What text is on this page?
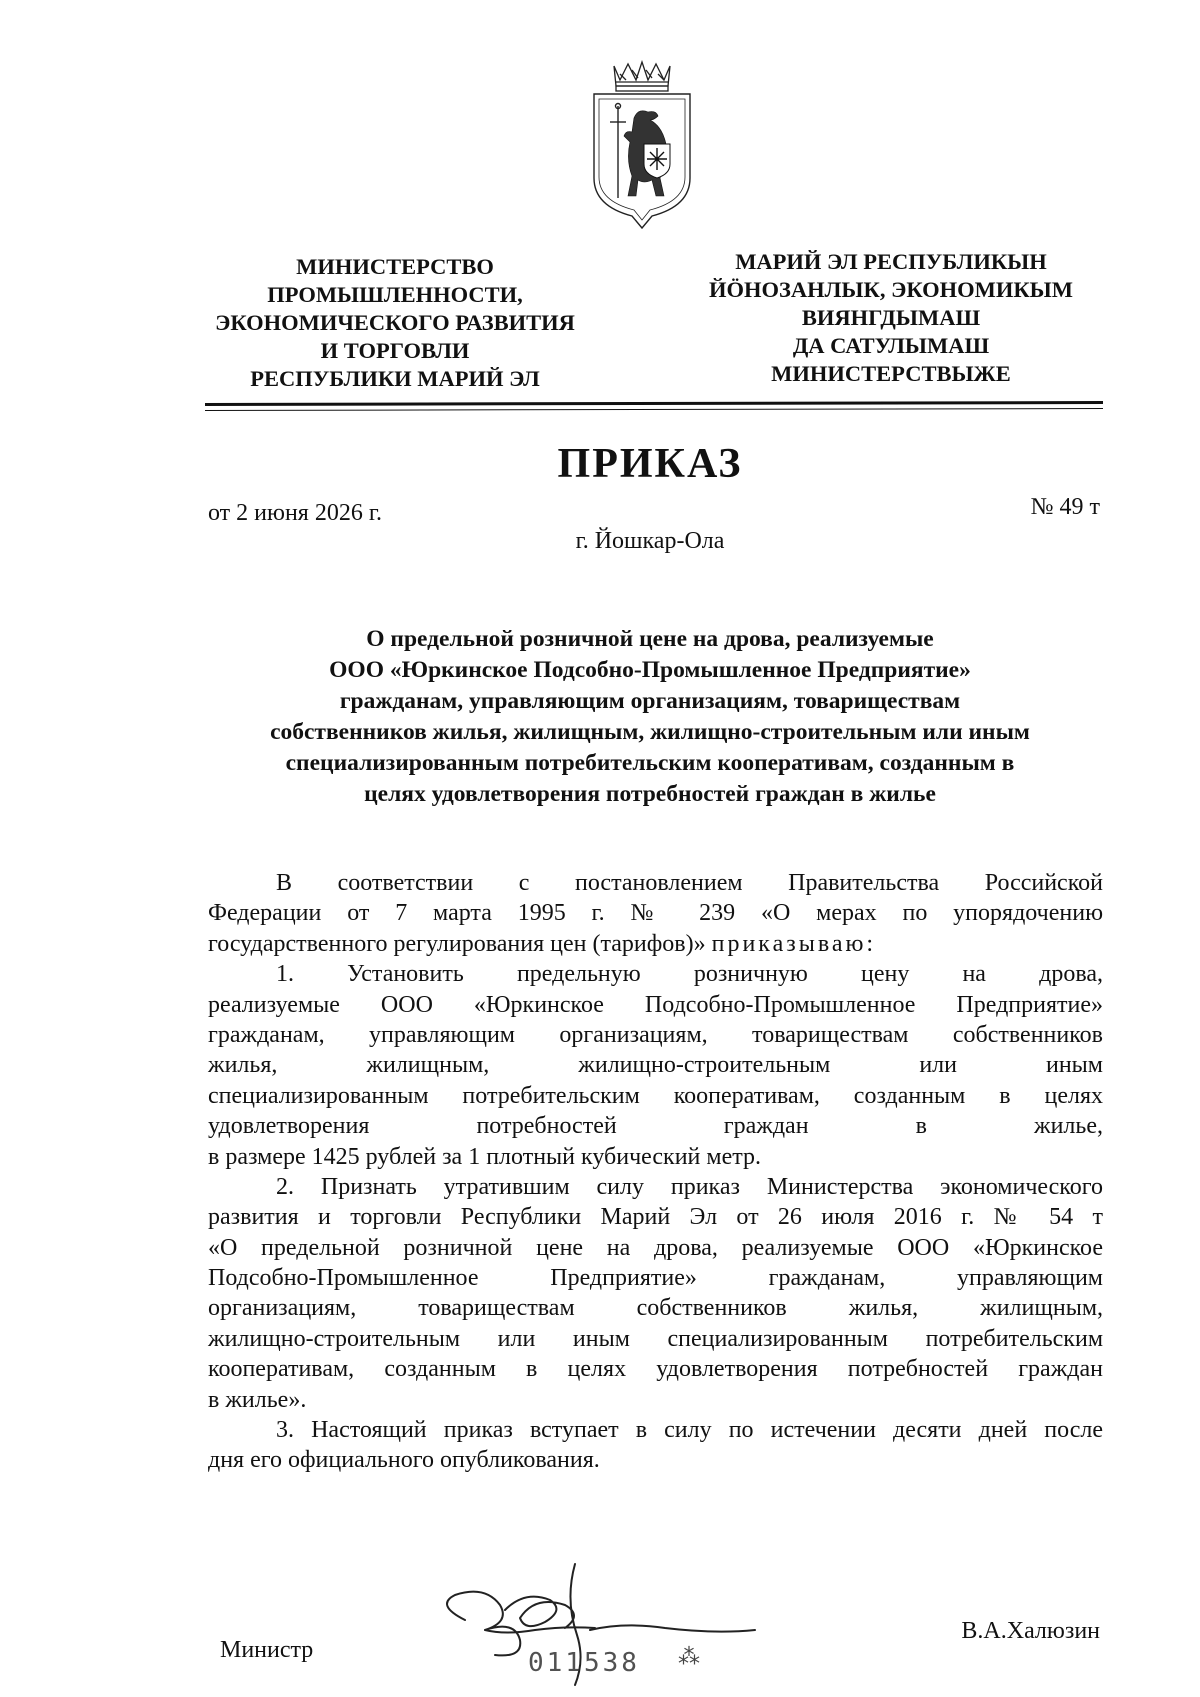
МИНИСТЕРСТВО
ПРОМЫШЛЕННОСТИ,
ЭКОНОМИЧЕСКОГО РАЗВИТИЯ
И ТОРГОВЛИ
РЕСПУБЛИКИ МАРИЙ ЭЛ
МАРИЙ ЭЛ РЕСПУБЛИКЫН
ЙӦНОЗАНЛЫК, ЭКОНОМИКЫМ
ВИЯНГДЫМАШ
ДА САТУЛЫМАШ
МИНИСТЕРСТВЫЖЕ
ПРИКАЗ
от 2 июня 2026 г.	№ 49 т
г. Йошкар-Ола
О предельной розничной цене на дрова, реализуемые
ООО «Юркинское Подсобно-Промышленное Предприятие»
гражданам, управляющим организациям, товариществам
собственников жилья, жилищным, жилищно-строительным или иным
специализированным потребительским кооперативам, созданным в
целях удовлетворения потребностей граждан в жилье
В соответствии с постановлением Правительства Российской
Федерации от 7 марта 1995 г. № 239 «О мерах по упорядочению
государственного регулирования цен (тарифов)» приказываю:
1. Установить предельную розничную цену на дрова,
реализуемые ООО «Юркинское Подсобно-Промышленное Предприятие»
гражданам, управляющим организациям, товариществам собственников
жилья, жилищным, жилищно-строительным или иным
специализированным потребительским кооперативам, созданным в целях
удовлетворения потребностей граждан в жилье,
в размере 1425 рублей за 1 плотный кубический метр.
2. Признать утратившим силу приказ Министерства экономического
развития и торговли Республики Марий Эл от 26 июля 2016 г. № 54 т
«О предельной розничной цене на дрова, реализуемые ООО «Юркинское
Подсобно-Промышленное Предприятие» гражданам, управляющим
организациям, товариществам собственников жилья, жилищным,
жилищно-строительным или иным специализированным потребительским
кооперативам, созданным в целях удовлетворения потребностей граждан
в жилье».
3. Настоящий приказ вступает в силу по истечении десяти дней после
дня его официального опубликования.
Министр	011538 ⁂
В.А.Халюзин
